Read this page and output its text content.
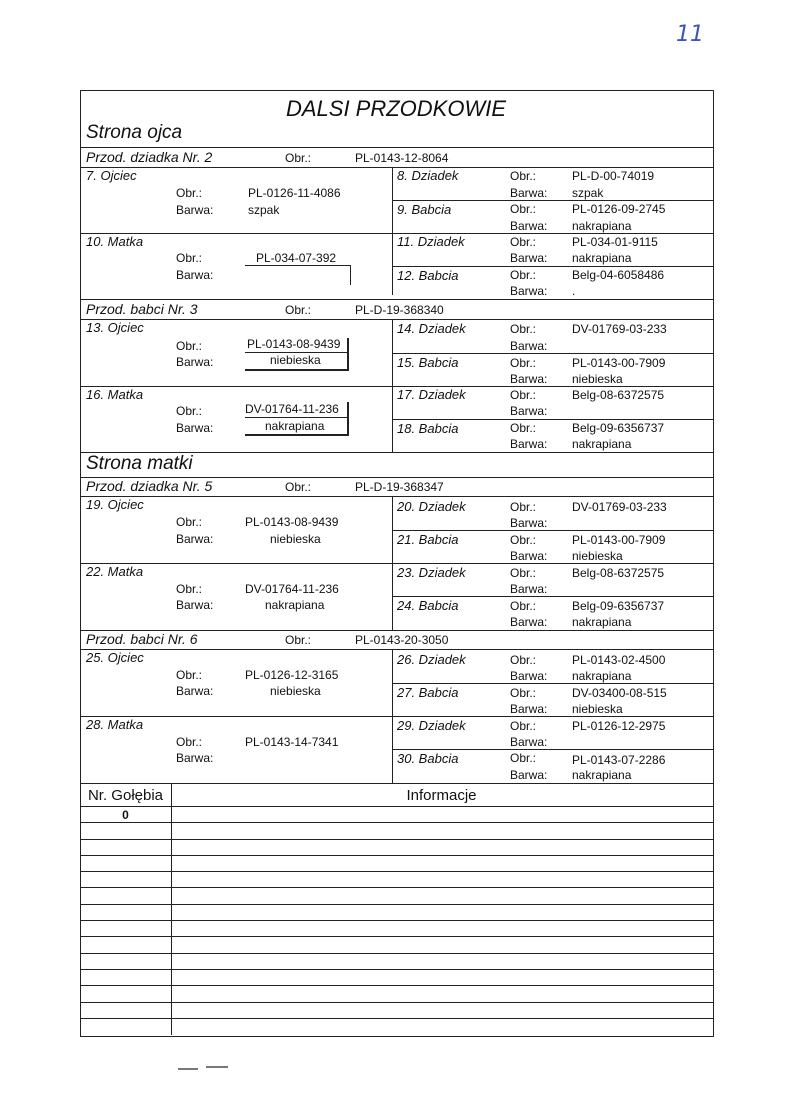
11
DALSI PRZODKOWIE
Strona ojca
Przod. dziadka Nr. 2	Obr.:	PL-0143-12-8064
7. Ojciec
Obr.:	PL-0126-11-4086
Barwa:	szpak
8. Dziadek	Obr.:	PL-D-00-74019
Barwa: szpak
9. Babcia	Obr.:	PL-0126-09-2745
Barwa: nakrapiana
10. Matka
Obr.:	PL-034-07-392
Barwa:
11. Dziadek	Obr.:	PL-034-01-9115
Barwa: nakrapiana
12. Babcia	Obr.:	Belg-04-6058486
Barwa: .
Przod. babci Nr. 3	Obr.:	PL-D-19-368340
13. Ojciec
Obr.:	PL-0143-08-9439
Barwa:	niebieska
14. Dziadek	Obr.:	DV-01769-03-233
Barwa:
15. Babcia	Obr.:	PL-0143-00-7909
Barwa: niebieska
16. Matka
Obr.:	DV-01764-11-236
Barwa:	nakrapiana
17. Dziadek	Obr.:	Belg-08-6372575
Barwa:
18. Babcia	Obr.:	Belg-09-6356737
Barwa: nakrapiana
Strona matki
Przod. dziadka Nr. 5	Obr.:	PL-D-19-368347
19. Ojciec
Obr.:	PL-0143-08-9439
Barwa:	niebieska
20. Dziadek	Obr.:	DV-01769-03-233
Barwa:
21. Babcia	Obr.:	PL-0143-00-7909
Barwa: niebieska
22. Matka
Obr.:	DV-01764-11-236
Barwa:	nakrapiana
23. Dziadek	Obr.:	Belg-08-6372575
Barwa:
24. Babcia	Obr.:	Belg-09-6356737
Barwa: nakrapiana
Przod. babci Nr. 6	Obr.:	PL-0143-20-3050
25. Ojciec
Obr.:	PL-0126-12-3165
Barwa:	niebieska
26. Dziadek	Obr.:	PL-0143-02-4500
Barwa: nakrapiana
27. Babcia	Obr.:	DV-03400-08-515
Barwa: niebieska
28. Matka
Obr.:	PL-0143-14-7341
Barwa:
29. Dziadek	Obr.:	PL-0126-12-2975
Barwa:
30. Babcia	Obr.:	PL-0143-07-2286
Barwa: nakrapiana
Nr. Gołębia	Informacje
0
